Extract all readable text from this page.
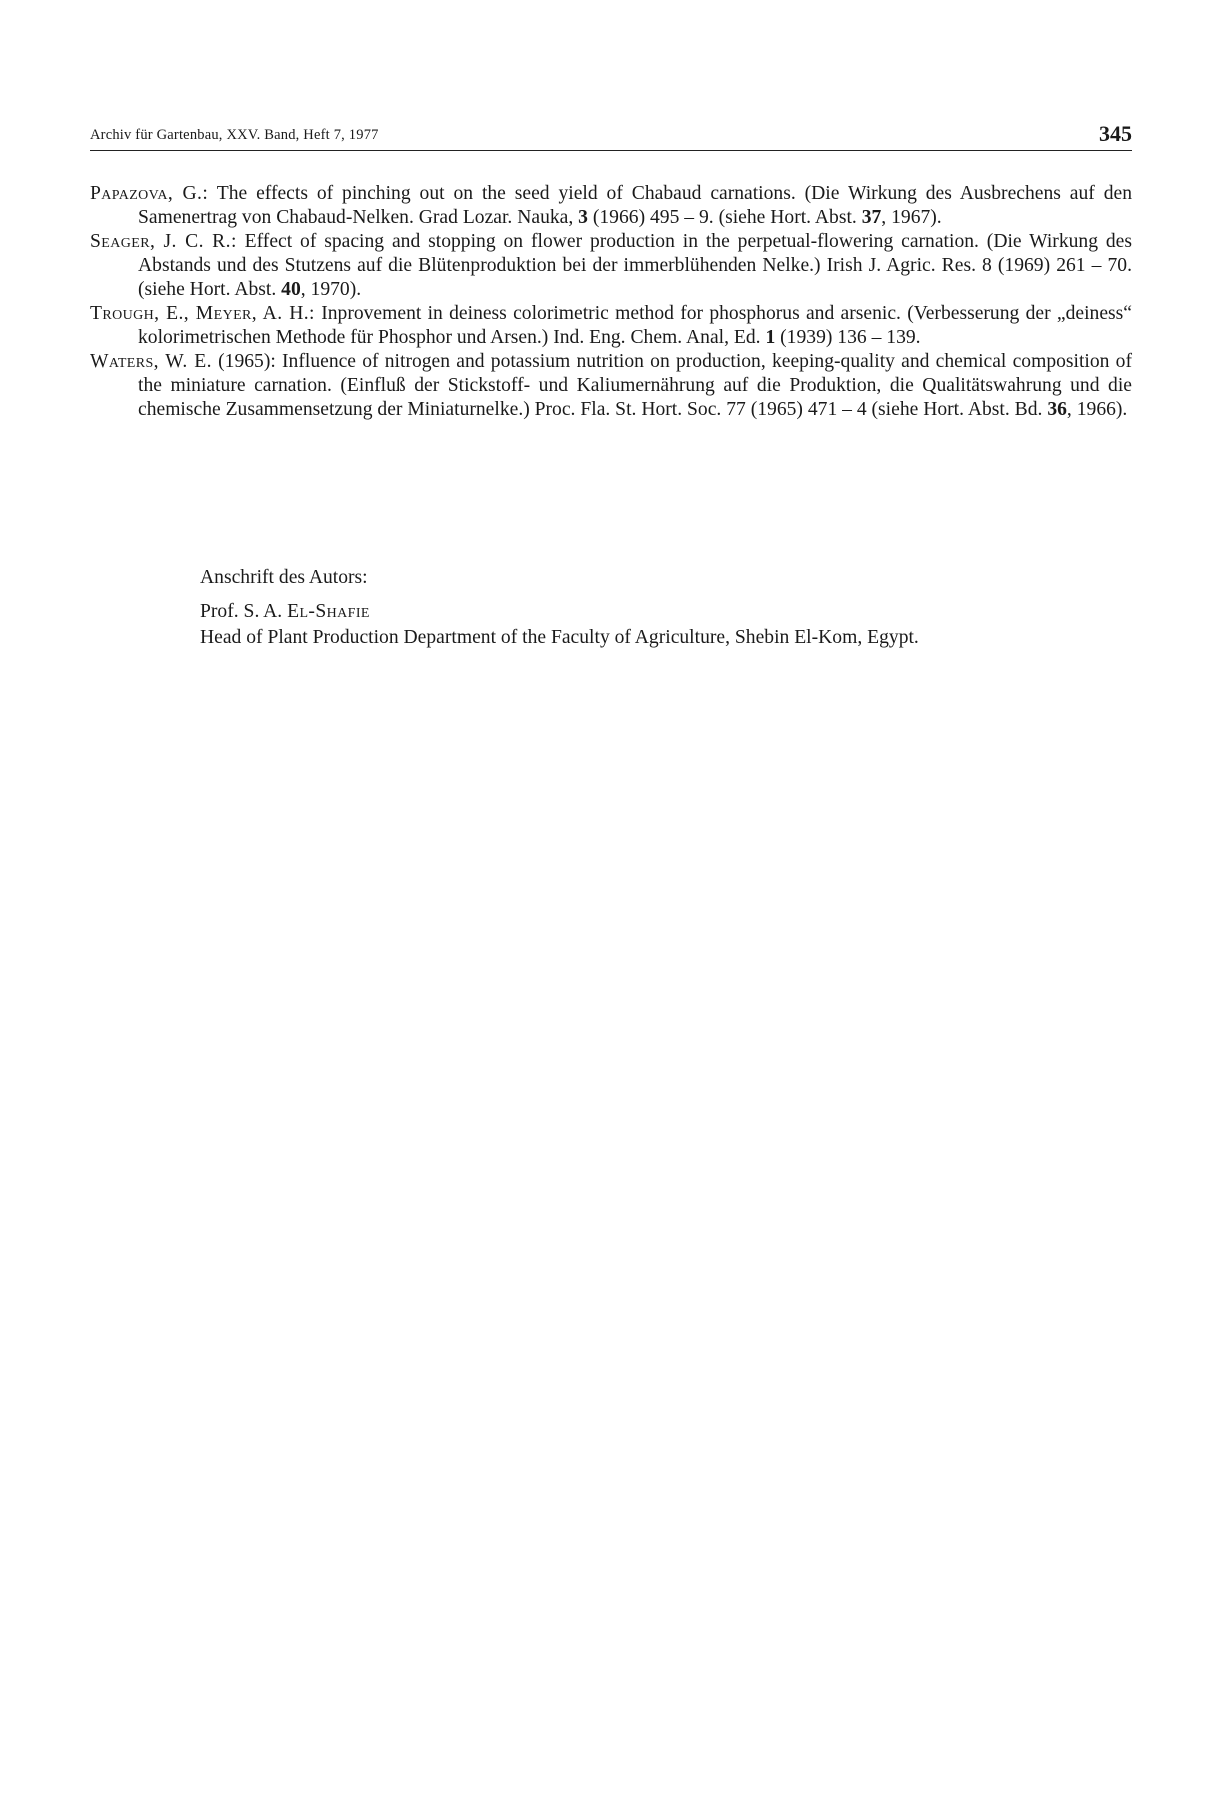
Archiv für Gartenbau, XXV. Band, Heft 7, 1977	345

Papazova, G.: The effects of pinching out on the seed yield of Chabaud carnations. (Die Wirkung des Ausbrechens auf den Samenertrag von Chabaud-Nelken. Grad Lozar. Nauka, 3 (1966) 495 – 9. (siehe Hort. Abst. 37, 1967).

Seager, J. C. R.: Effect of spacing and stopping on flower production in the perpetual-flowering carnation. (Die Wirkung des Abstands und des Stutzens auf die Blütenproduktion bei der immerblühenden Nelke.) Irish J. Agric. Res. 8 (1969) 261 – 70. (siehe Hort. Abst. 40, 1970).

Trough, E., Meyer, A. H.: Inprovement in deiness colorimetric method for phosphorus and arsenic. (Verbesserung der „deiness“ kolorimetrischen Methode für Phosphor und Arsen.) Ind. Eng. Chem. Anal, Ed. 1 (1939) 136 – 139.

Waters, W. E. (1965): Influence of nitrogen and potassium nutrition on production, keeping-quality and chemical composition of the miniature carnation. (Einfluß der Stickstoff- und Kaliumernährung auf die Produktion, die Qualitätswahrung und die chemische Zusammensetzung der Miniaturnelke.) Proc. Fla. St. Hort. Soc. 77 (1965) 471 – 4 (siehe Hort. Abst. Bd. 36, 1966).

Anschrift des Autors:

Prof. S. A. El-Shafie

Head of Plant Production Department of the Faculty of Agriculture, Shebin El-Kom, Egypt.
